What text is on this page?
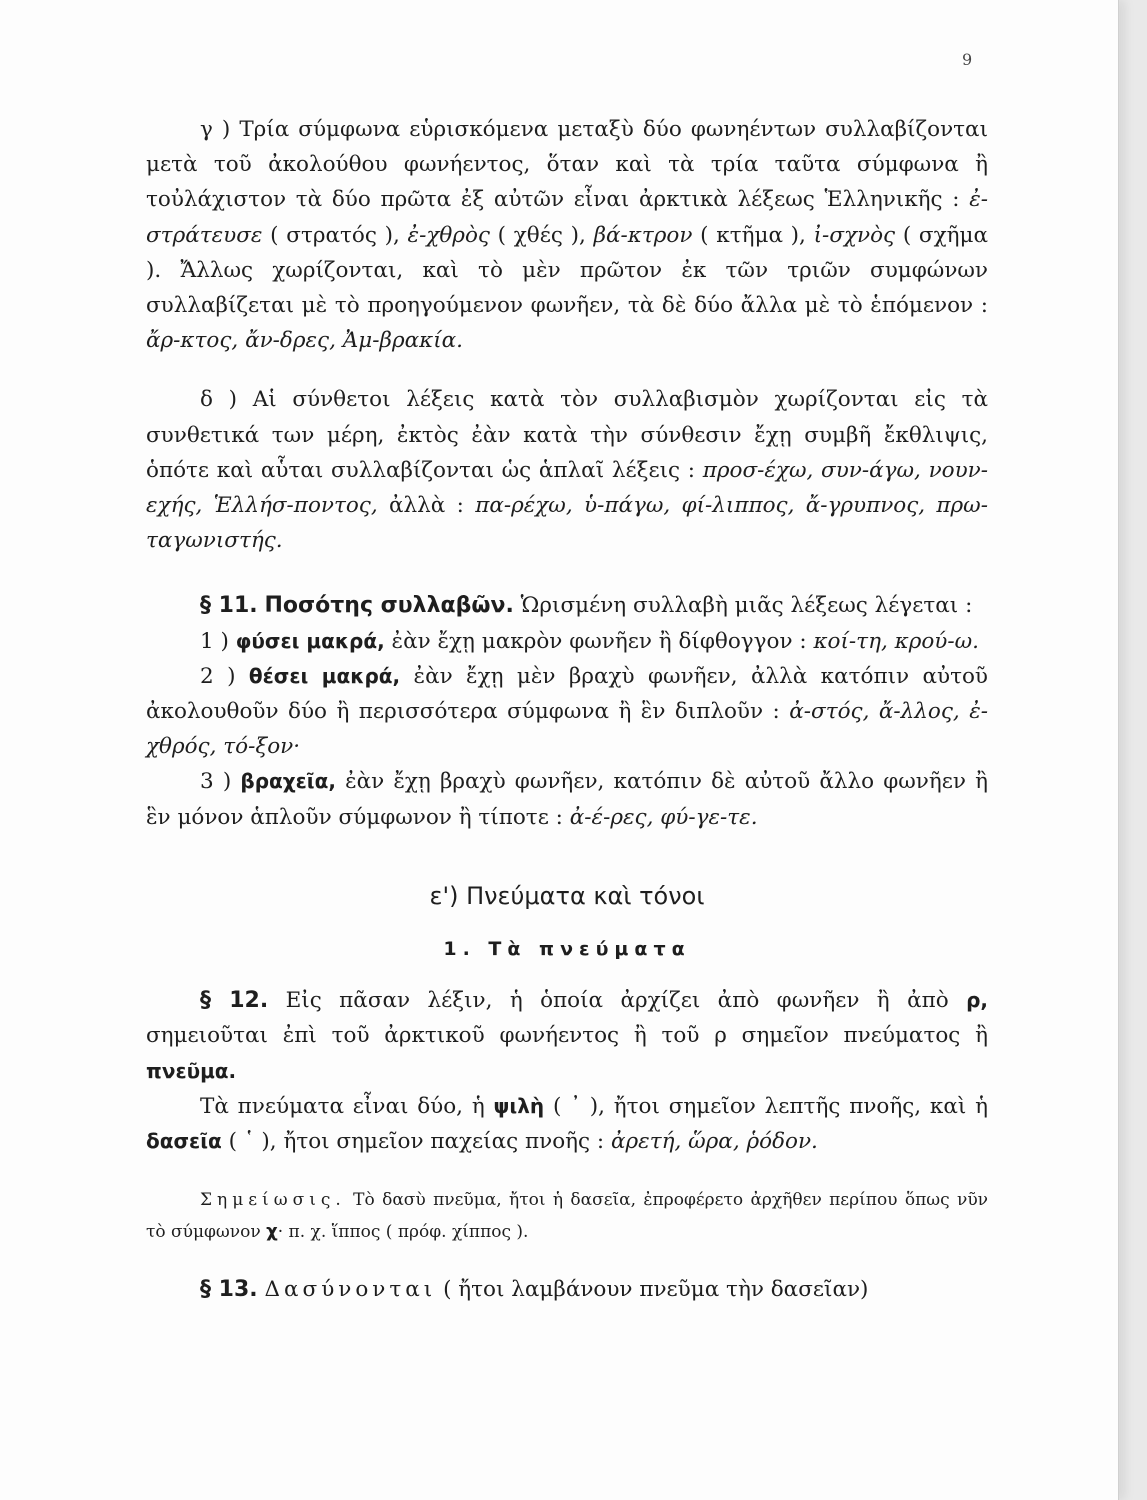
9

γ ) Τρία σύμφωνα εὑρισκόμενα μεταξὺ δύο φωνηέντων συλλαβίζονται μετὰ τοῦ ἀκολούθου φωνήεντος, ὅταν καὶ τὰ τρία ταῦτα σύμφωνα ἢ τοὐλάχιστον τὰ δύο πρῶτα ἐξ αὐτῶν εἶναι ἀρκτικὰ λέξεως Ἑλληνικῆς : ἐ-στράτευσε ( στρατός ), ἐ-χθρὸς ( χθές ), βά-κτρον ( κτῆμα ), ἰ-σχνὸς ( σχῆμα ). Ἄλλως χωρίζονται, καὶ τὸ μὲν πρῶτον ἐκ τῶν τριῶν συμφώνων συλλαβίζεται μὲ τὸ προηγούμενον φωνῆεν, τὰ δὲ δύο ἄλλα μὲ τὸ ἑπόμενον : ἄρ-κτος, ἄν-δρες, Ἀμ-βρακία.

δ ) Αἱ σύνθετοι λέξεις κατὰ τὸν συλλαβισμὸν χωρίζονται εἰς τὰ συνθετικά των μέρη, ἐκτὸς ἐὰν κατὰ τὴν σύνθεσιν ἔχῃ συμβῆ ἔκθλιψις, ὁπότε καὶ αὗται συλλαβίζονται ὡς ἁπλαῖ λέξεις : προσ-έχω, συν-άγω, νουν-εχής, Ἑλλήσ-ποντος, ἀλλὰ : πα-ρέχω, ὑ-πάγω, φί-λιππος, ἄ-γρυπνος, πρω-ταγωνιστής.

§ 11. Ποσότης συλλαβῶν. Ὡρισμένη συλλαβὴ μιᾶς λέξεως λέγεται :

1 ) φύσει μακρά, ἐὰν ἔχῃ μακρὸν φωνῆεν ἢ δίφθογγον : κοί-τη, κρού-ω.

2 ) θέσει μακρά, ἐὰν ἔχῃ μὲν βραχὺ φωνῆεν, ἀλλὰ κατόπιν αὐτοῦ ἀκολουθοῦν δύο ἢ περισσότερα σύμφωνα ἢ ἓν διπλοῦν : ἀ-στός, ἄ-λλος, ἐ-χθρός, τό-ξον·

3 ) βραχεῖα, ἐὰν ἔχῃ βραχὺ φωνῆεν, κατόπιν δὲ αὐτοῦ ἄλλο φωνῆεν ἢ ἓν μόνον ἁπλοῦν σύμφωνον ἢ τίποτε : ἀ-έ-ρες, φύ-γε-τε.

ε') Πνεύματα καὶ τόνοι
1. Τὰ πνεύματα

§ 12. Εἰς πᾶσαν λέξιν, ἡ ὁποία ἀρχίζει ἀπὸ φωνῆεν ἢ ἀπὸ ρ, σημειοῦται ἐπὶ τοῦ ἀρκτικοῦ φωνήεντος ἢ τοῦ ρ σημεῖον πνεύματος ἢ πνεῦμα.

Τὰ πνεύματα εἶναι δύο, ἡ ψιλὴ ( ᾿ ), ἤτοι σημεῖον λεπτῆς πνοῆς, καὶ ἡ δασεῖα ( ῾ ), ἤτοι σημεῖον παχείας πνοῆς : ἀρετή, ὥρα, ῥόδον.

Σημείωσις. Τὸ δασὺ πνεῦμα, ἤτοι ἡ δασεῖα, ἐπροφέρετο ἀρχῆθεν περίπου ὅπως νῦν τὸ σύμφωνον χ· π. χ. ἵππος ( πρόφ. χίππος ).

§ 13. Δασύνονται ( ἤτοι λαμβάνουν πνεῦμα τὴν δασεῖαν)
